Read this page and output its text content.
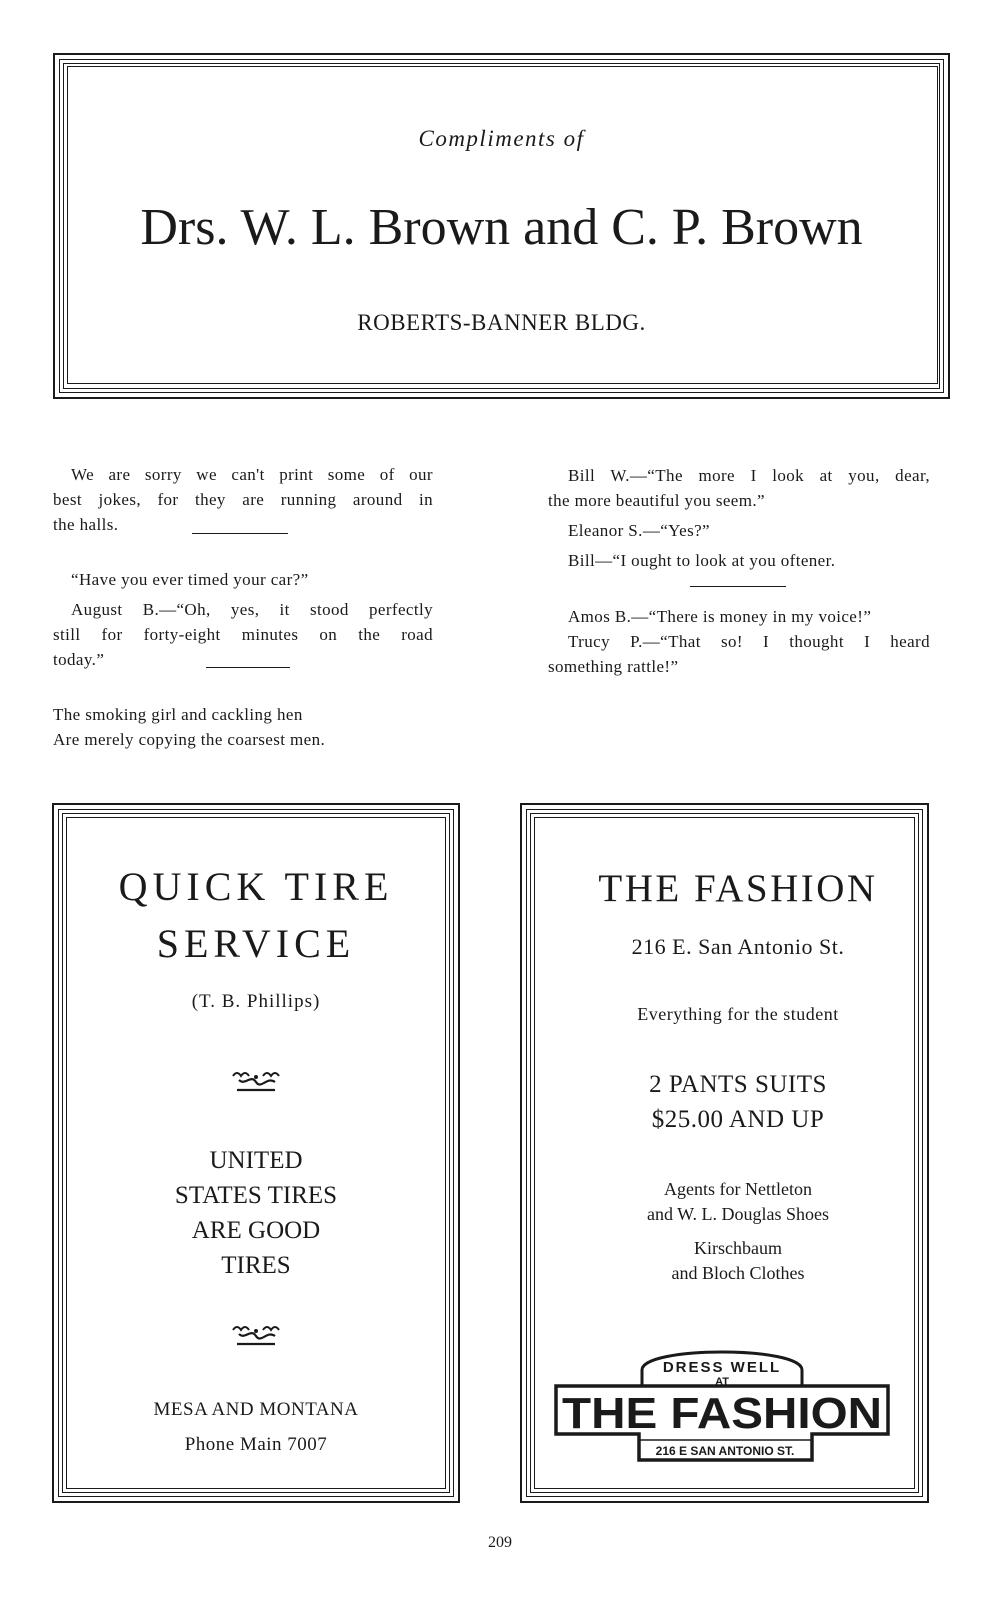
Compliments of
Drs. W. L. Brown and C. P. Brown
ROBERTS-BANNER BLDG.

We are sorry we can't print some of our

best jokes, for they are running around in

the halls.

“Have you ever timed your car?”

August B.—“Oh, yes, it stood perfectly

still for forty-eight minutes on the road

today.”

The smoking girl and cackling hen

Are merely copying the coarsest men.

Bill W.—“The more I look at you, dear,

the more beautiful you seem.”

Eleanor S.—“Yes?”

Bill—“I ought to look at you oftener.

Amos B.—“There is money in my voice!”

Trucy P.—“That so! I thought I heard

something rattle!”

QUICK TIRE
SERVICE
(T. B. Phillips)
UNITED
STATES TIRES
ARE GOOD
TIRES
MESA AND MONTANA
Phone Main 7007
THE FASHION
216 E. San Antonio St.
Everything for the student
2 PANTS SUITS
$25.00 AND UP
Agents for Nettleton
and W. L. Douglas Shoes
Kirschbaum
and Bloch Clothes
DRESS WELL
AT
THE FASHION
216 E SAN ANTONIO ST.
209
